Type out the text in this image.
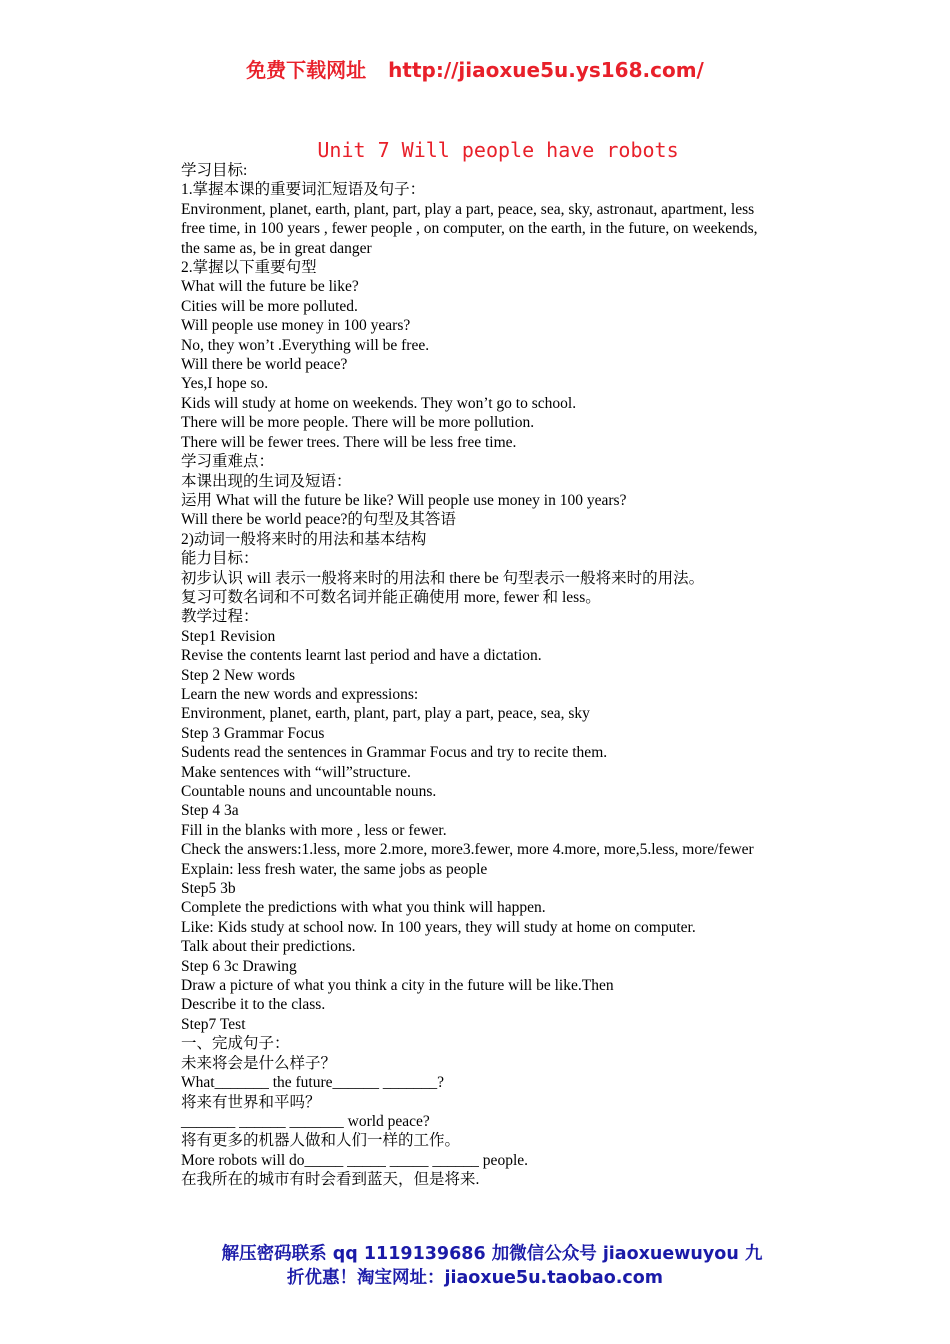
免费下载网址 http://jiaoxue5u.ys168.com/
Unit 7 Will people have robots
学习目标:
1.掌握本课的重要词汇短语及句子：
Environment, planet, earth, plant, part, play a part, peace, sea, sky, astronaut, apartment, less
free time, in 100 years , fewer people , on computer, on the earth, in the future, on weekends,
the same as, be in great danger
2.掌握以下重要句型
What will the future be like?
Cities will be more polluted.
Will people use money in 100 years?
No, they won’t .Everything will be free.
Will there be world peace?
Yes,I hope so.
Kids will study at home on weekends. They won’t go to school.
There will be more people. There will be more pollution.
There will be fewer trees. There will be less free time.
学习重难点：
本课出现的生词及短语：
运用 What will the future be like? Will people use money in 100 years?
Will there be world peace?的句型及其答语
2)动词一般将来时的用法和基本结构
能力目标：
初步认识 will 表示一般将来时的用法和 there be 句型表示一般将来时的用法。
复习可数名词和不可数名词并能正确使用 more, fewer 和 less。
教学过程：
Step1 Revision
Revise the contents learnt last period and have a dictation.
Step 2 New words
Learn the new words and expressions:
Environment, planet, earth, plant, part, play a part, peace, sea, sky
Step 3 Grammar Focus
Sudents read the sentences in Grammar Focus and try to recite them.
Make sentences with “will”structure.
Countable nouns and uncountable nouns.
Step 4 3a
Fill in the blanks with more , less or fewer.
Check the answers:1.less, more 2.more, more3.fewer, more 4.more, more,5.less, more/fewer
Explain: less fresh water, the same jobs as people
Step5 3b
Complete the predictions with what you think will happen.
Like: Kids study at school now. In 100 years, they will study at home on computer.
Talk about their predictions.
Step 6 3c Drawing
Draw a picture of what you think a city in the future will be like.Then
Describe it to the class.
Step7 Test
一、完成句子：
未来将会是什么样子？
What_______ the future______ _______?
将来有世界和平吗？
_______ ______ _______ world peace?
将有更多的机器人做和人们一样的工作。
More robots will do_____ _____ _____ ______ people.
在我所在的城市有时会看到蓝天，但是将来.
解压密码联系 qq 1119139686 加微信公众号 jiaoxuewuyou 九
折优惠！淘宝网址：jiaoxue5u.taobao.com
